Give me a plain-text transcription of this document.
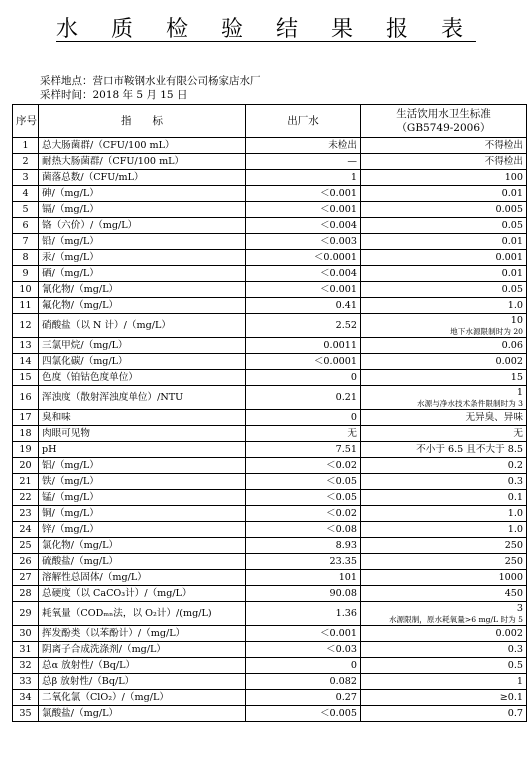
水 质 检 验 结 果 报 表
采样地点：营口市鞍钢水业有限公司杨家店水厂
采样时间：2018 年 5 月 15 日
序号	指　　标	出厂水	生活饮用水卫生标准
（GB5749-2006）

1	总大肠菌群/（CFU/100 mL）	未检出	不得检出
2	耐热大肠菌群/（CFU/100 mL）	—	不得检出
3	菌落总数/（CFU/mL）	1	100
4	砷/（mg/L）	＜0.001	0.01
5	镉/（mg/L）	＜0.001	0.005
6	铬（六价）/（mg/L）	＜0.004	0.05
7	铅/（mg/L）	＜0.003	0.01
8	汞/（mg/L）	＜0.0001	0.001
9	硒/（mg/L）	＜0.004	0.01
10	氰化物/（mg/L）	＜0.001	0.05
11	氟化物/（mg/L）	0.41	1.0
12	硝酸盐（以 N 计）/（mg/L）	2.52	10
地下水源限制时为 20

13	三氯甲烷/（mg/L）	0.0011	0.06
14	四氯化碳/（mg/L）	＜0.0001	0.002
15	色度（铂钴色度单位）	0	15
16	浑浊度（散射浑浊度单位）/NTU	0.21	1
水源与净水技术条件限制时为 3

17	臭和味	0	无异臭、异味
18	肉眼可见物	无	无
19	pH	7.51	不小于 6.5 且不大于 8.5
20	铝/（mg/L）	＜0.02	0.2
21	铁/（mg/L）	＜0.05	0.3
22	锰/（mg/L）	＜0.05	0.1
23	铜/（mg/L）	＜0.02	1.0
24	锌/（mg/L）	＜0.08	1.0
25	氯化物/（mg/L）	8.93	250
26	硫酸盐/（mg/L）	23.35	250
27	溶解性总固体/（mg/L）	101	1000
28	总硬度（以 CaCO₃计）/（mg/L）	90.08	450
29	耗氧量（CODₘₙ法，以 O₂计）/(mg/L)	1.36	3
水源限制，原水耗氧量>6 mg/L 时为 5

30	挥发酚类（以苯酚计）/（mg/L）	＜0.001	0.002
31	阴离子合成洗涤剂/（mg/L）	＜0.03	0.3
32	总α 放射性/（Bq/L）	0	0.5
33	总β 放射性/（Bq/L）	0.082	1
34	二氧化氯（ClO₂）/（mg/L）	0.27	≥0.1
35	氯酸盐/（mg/L）	＜0.005	0.7
